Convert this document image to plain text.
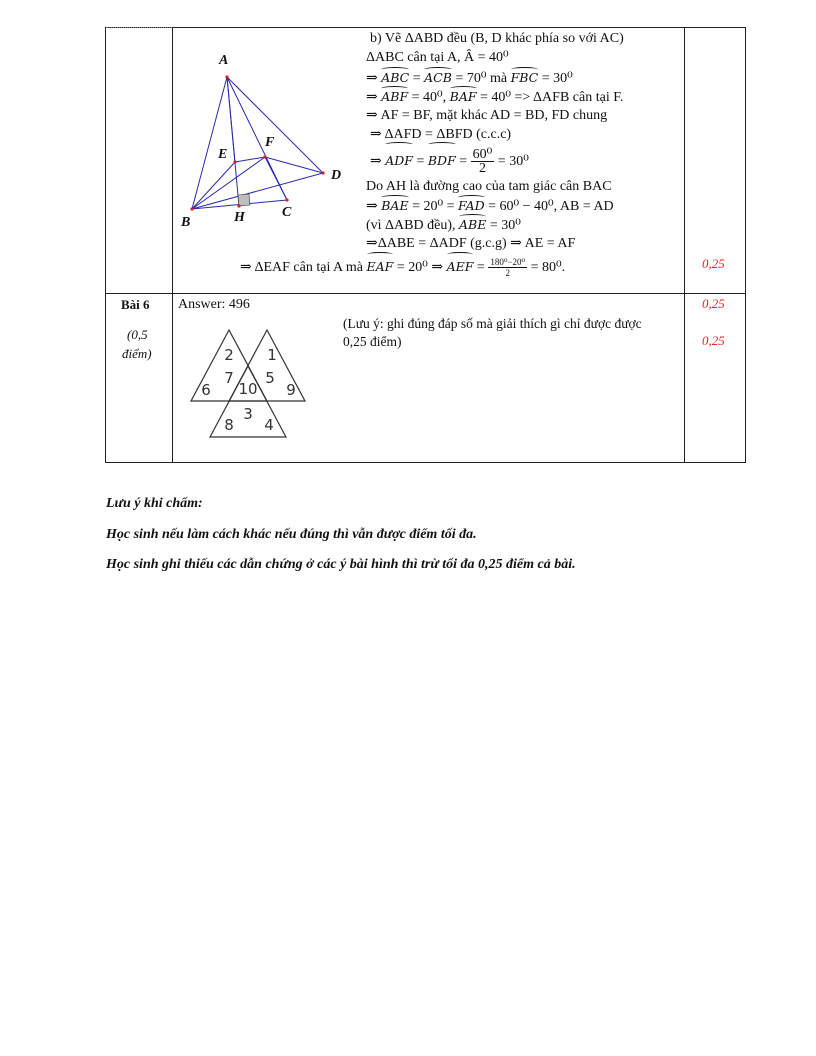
A
B
C
D
E
F
H
b) Vẽ ΔABD đều (B, D khác phía so với AC)
ΔABC cân tại A, Â = 40⁰
⇒ ABC = ACB = 70⁰ mà FBC = 30⁰
⇒ ABF = 40⁰, BAF = 40⁰ => ΔAFB cân tại F.
⇒ AF = BF, mặt khác AD = BD, FD chung
⇒ ΔAFD = ΔBFD (c.c.c)
⇒ ADF = BDF = $\frac{\text{60⁰}}{2} = 30^0$
Do AH là đường cao của tam giác cân BAC
⇒ BAE = 20⁰ = FAD = 60⁰ − 40⁰, AB = AD
(vì ΔABD đều), ABE = 30⁰
⇒ΔABE = ΔADF (g.c.g) ⇒ AE = AF
⇒ ΔEAF cân tại A mà EAF = 20⁰ ⇒ AEF = $\frac{\text{180⁰−20⁰}}{2} = 80^0$.	0,25
Bài 6
(0,5
điểm)
Answer: 496
(Lưu ý: ghi đúng đáp số mà giải thích gì chỉ được được
0,25 điểm)
0,25
0,25
2 1
6
7
10
5
9
8
3
4
Lưu ý khi chấm:
Học sinh nếu làm cách khác nếu đúng thì vẫn được điểm tối đa.
Học sinh ghi thiếu các dẫn chứng ở các ý bài hình thì trừ tối đa 0,25 điểm cả bài.
